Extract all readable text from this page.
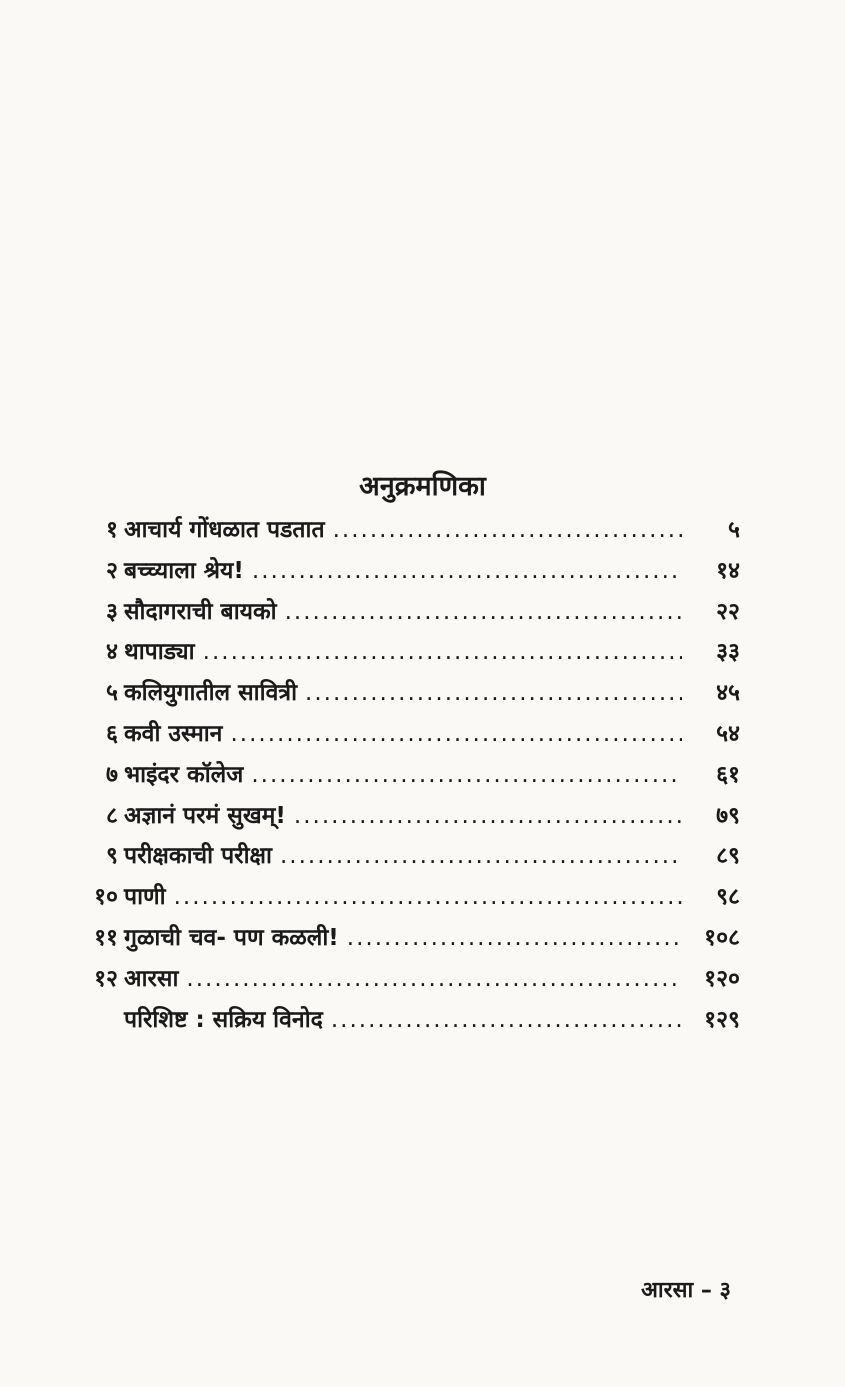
अनुक्रमणिका
१ आचार्य गोंधळात पडतात .....	५
२ बच्च्याला श्रेय! .....	१४
३ सौदागराची बायको .....	२२
४ थापाड्या .....	३३
५ कलियुगातील सावित्री .....	४५
६ कवी उस्मान .....	५४
७ भाइंदर कॉलेज .....	६१
८ अज्ञानं परमं सुखम्! .....	७९
९ परीक्षकाची परीक्षा .....	८९
१० पाणी .....	९८
११ गुळाची चव- पण कळली! .....	१०८
१२ आरसा .....	१२०
परिशिष्ट : सक्रिय विनोद .....	१२९
आरसा – ३
